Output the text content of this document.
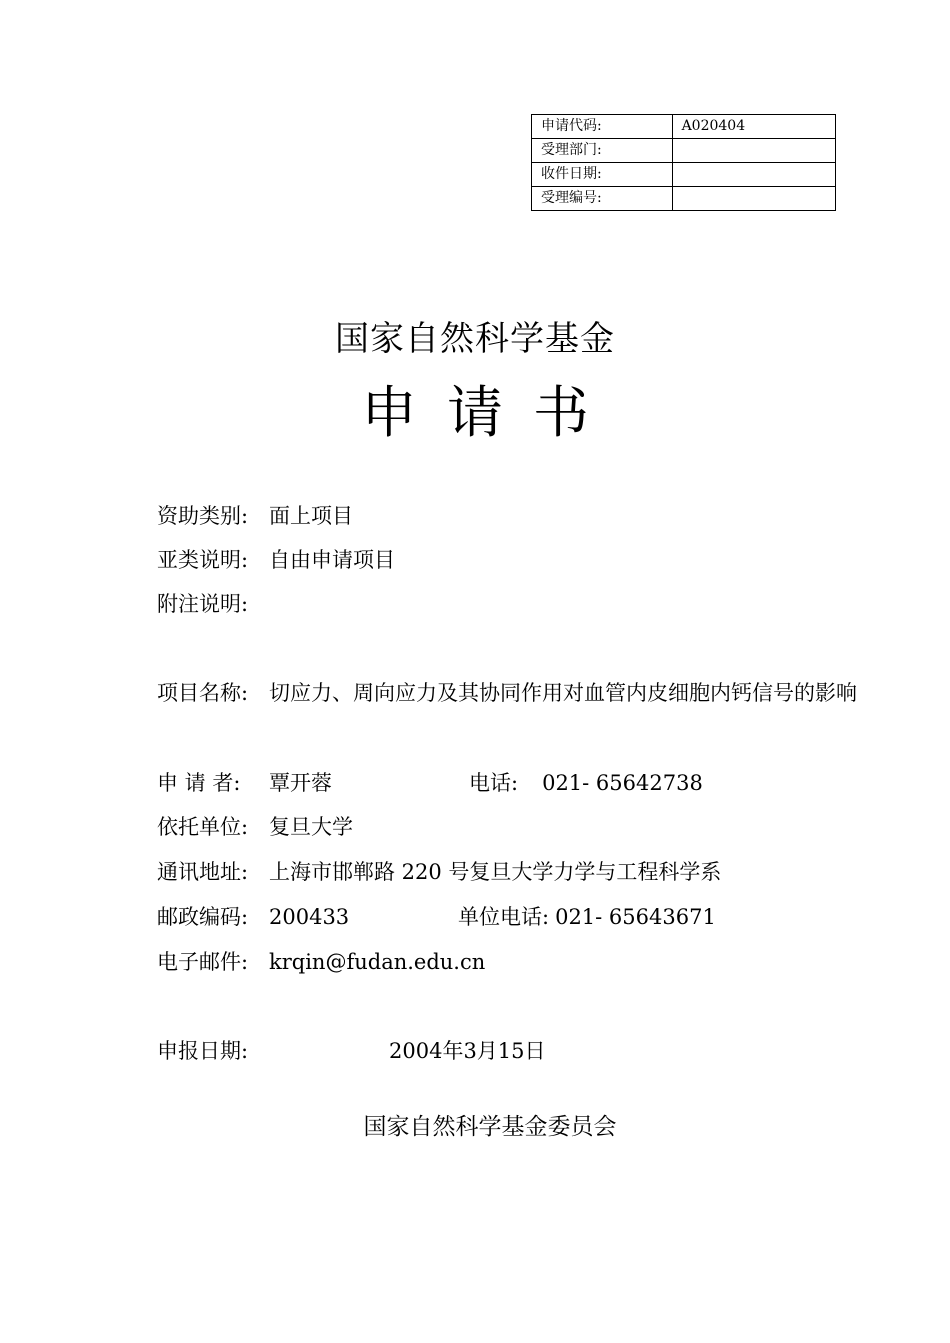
申请代码:	A020404
受理部门:	
收件日期:	
受理编号:	
国家自然科学基金
申请书
资助类别: 面上项目
亚类说明: 自由申请项目
附注说明:
项目名称: 切应力、周向应力及其协同作用对血管内皮细胞内钙信号的影响
申 请 者: 覃开蓉	电话: 021- 65642738
依托单位: 复旦大学
通讯地址: 上海市邯郸路 220 号复旦大学力学与工程科学系
邮政编码: 200433	单位电话: 021- 65643671
电子邮件: krqin@fudan.edu.cn
申报日期:	2004年3月15日
国家自然科学基金委员会
